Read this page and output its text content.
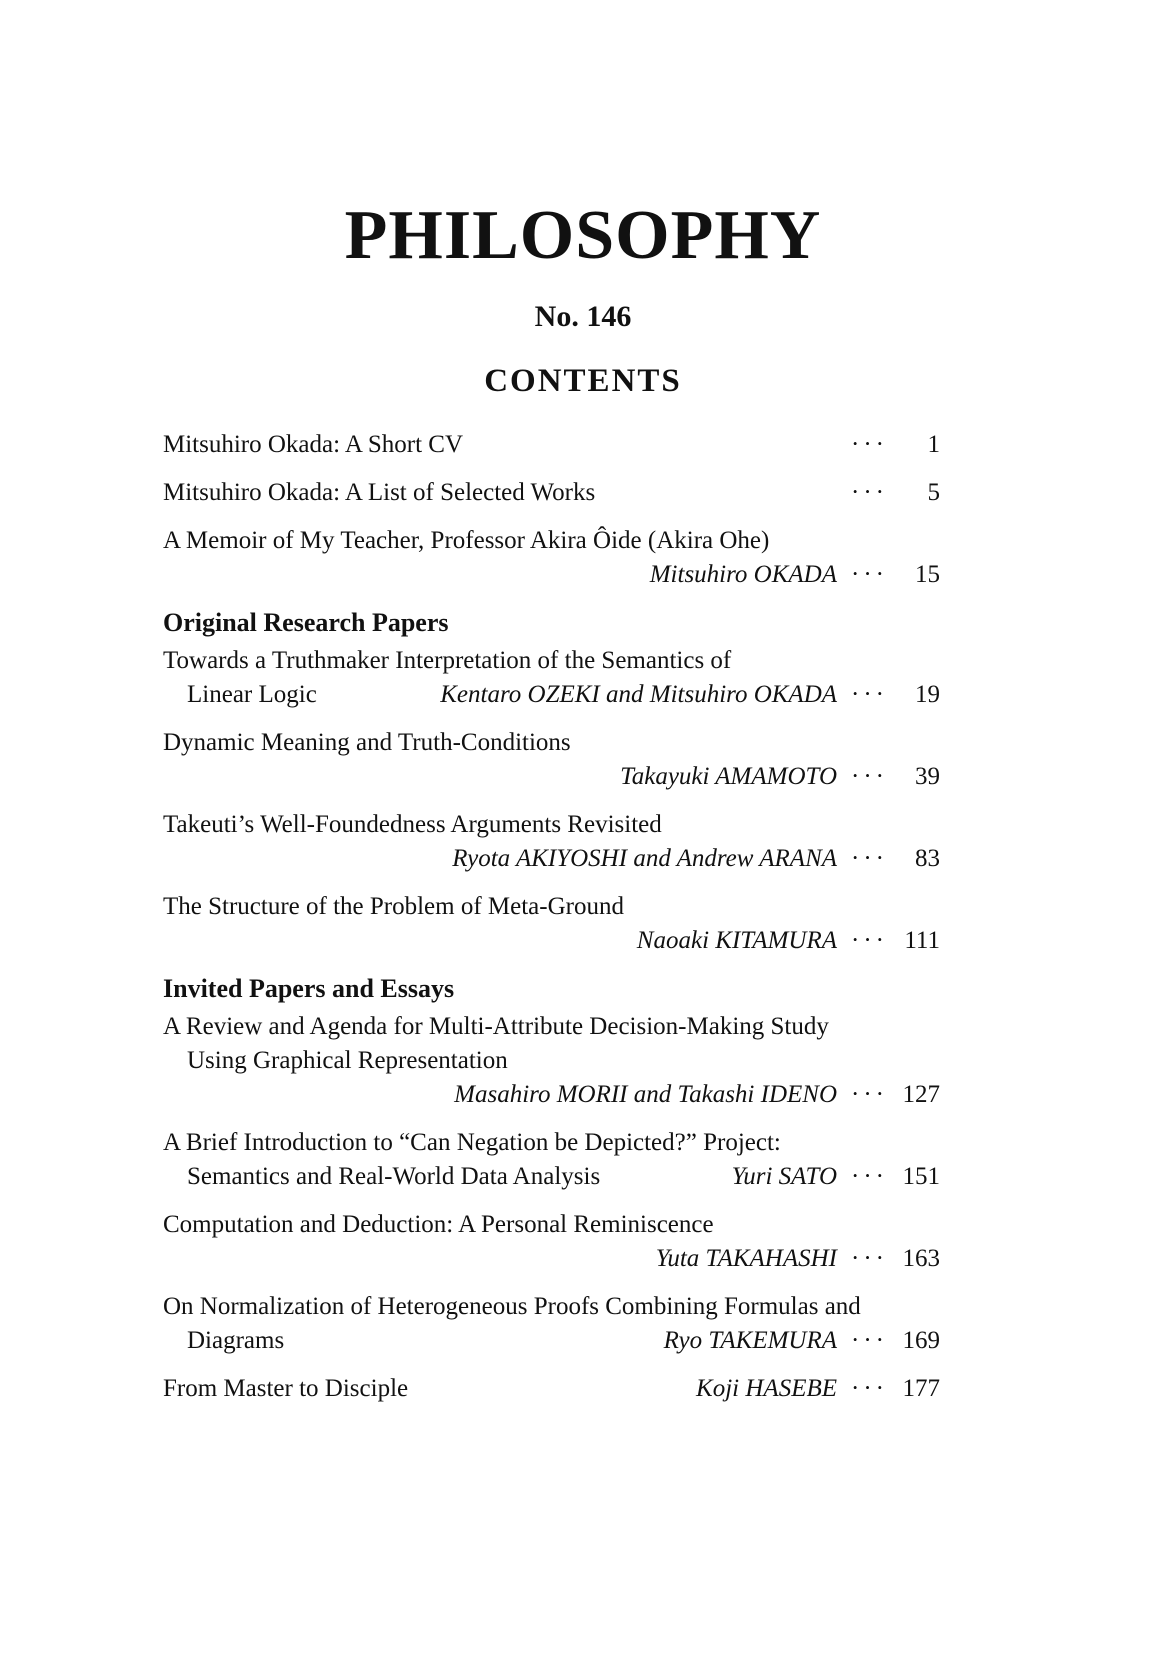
PHILOSOPHY
No. 146
CONTENTS
Mitsuhiro Okada: A Short CV	···	1
Mitsuhiro Okada: A List of Selected Works	···	5
A Memoir of My Teacher, Professor Akira Ôide (Akira Ohe)
Mitsuhiro OKADA ···	15
Original Research Papers
Towards a Truthmaker Interpretation of the Semantics of
Linear Logic	Kentaro OZEKI and Mitsuhiro OKADA ···	19
Dynamic Meaning and Truth-Conditions
Takayuki AMAMOTO ···	39
Takeuti’s Well-Foundedness Arguments Revisited
Ryota AKIYOSHI and Andrew ARANA ···	83
The Structure of the Problem of Meta-Ground
Naoaki KITAMURA ··· 111
Invited Papers and Essays
A Review and Agenda for Multi-Attribute Decision-Making Study
Using Graphical Representation
Masahiro MORII and Takashi IDENO ··· 127
A Brief Introduction to “Can Negation be Depicted?” Project:
Semantics and Real-World Data Analysis	Yuri SATO ··· 151
Computation and Deduction: A Personal Reminiscence
Yuta TAKAHASHI ··· 163
On Normalization of Heterogeneous Proofs Combining Formulas and
Diagrams	Ryo TAKEMURA ··· 169
From Master to Disciple	Koji HASEBE ··· 177
